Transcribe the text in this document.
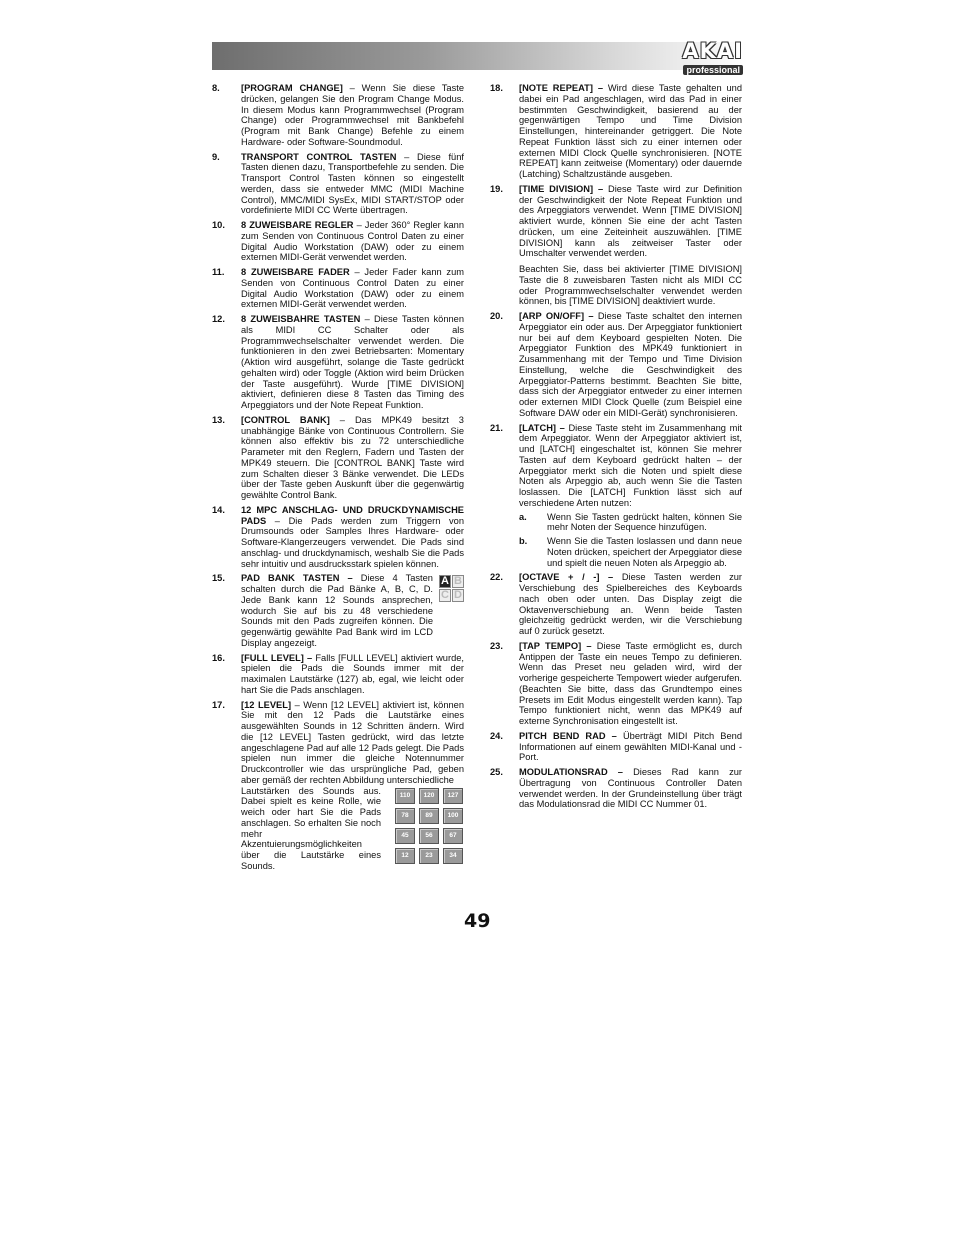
AKAI
professional
8.	[PROGRAM CHANGE] – Wenn Sie diese Taste drücken, gelangen Sie den Program Change Modus. In diesem Modus kann Programmwechsel (Program Change) oder Programmwechsel mit Bankbefehl (Program mit Bank Change) Befehle zu einem Hardware- oder Software-Soundmodul.
9.	TRANSPORT CONTROL TASTEN – Diese fünf Tasten dienen dazu, Transportbefehle zu senden. Die Transport Control Tasten können so eingestellt werden, dass sie entweder MMC (MIDI Machine Control), MMC/MIDI SysEx, MIDI START/STOP oder vordefinierte MIDI CC Werte übertragen.
10.	8 ZUWEISBARE REGLER – Jeder 360° Regler kann zum Senden von Continuous Control Daten zu einer Digital Audio Workstation (DAW) oder zu einem externen MIDI-Gerät verwendet werden.
11.	8 ZUWEISBARE FADER – Jeder Fader kann zum Senden von Continuous Control Daten zu einer Digital Audio Workstation (DAW) oder zu einem externen MIDI-Gerät verwendet werden.
12.	8 ZUWEISBAHRE TASTEN – Diese Tasten können als MIDI CC Schalter oder als Programmwechselschalter verwendet werden. Die funktionieren in den zwei Betriebsarten: Momentary (Aktion wird ausgeführt, solange die Taste gedrückt gehalten wird) oder Toggle (Aktion wird beim Drücken der Taste ausgeführt). Wurde [TIME DIVISION] aktiviert, definieren diese 8 Tasten das Timing des Arpeggiators und der Note Repeat Funktion.
13.	[CONTROL BANK] – Das MPK49 besitzt 3 unabhängige Bänke von Continuous Controllern. Sie können also effektiv bis zu 72 unterschiedliche Parameter mit den Reglern, Fadern und Tasten der MPK49 steuern. Die [CONTROL BANK] Taste wird zum Schalten dieser 3 Bänke verwendet. Die LEDs über der Taste geben Auskunft über die gegenwärtig gewählte Control Bank.
14.	12 MPC ANSCHLAG- UND DRUCKDYNAMISCHE PADS – Die Pads werden zum Triggern von Drumsounds oder Samples Ihres Hardware- oder Software-Klangerzeugers verwendet. Die Pads sind anschlag- und druckdynamisch, weshalb Sie die Pads sehr intuitiv und ausdrucksstark spielen können.
15.	PAD BANK TASTEN – Diese 4 Tasten schalten durch die Pad Bänke A, B, C, D. Jede Bank kann 12 Sounds ansprechen, wodurch Sie auf bis zu 48 verschiedene Sounds mit den Pads zugreifen können. Die gegenwärtig gewählte Pad Bank wird im LCD Display angezeigt.
A B
C D
16.	[FULL LEVEL] – Falls [FULL LEVEL] aktiviert wurde, spielen die Pads die Sounds immer mit der maximalen Lautstärke (127) ab, egal, wie leicht oder hart Sie die Pads anschlagen.
17.	[12 LEVEL] – Wenn [12 LEVEL] aktiviert ist, können Sie mit den 12 Pads die Lautstärke eines ausgewählten Sounds in 12 Schritten ändern. Wird die [12 LEVEL] Tasten gedrückt, wird das letzte angeschlagene Pad auf alle 12 Pads gelegt. Die Pads spielen nun immer die gleiche Notennummer Druckcontroller wie das ursprüngliche Pad, geben aber gemäß der rechten Abbildung unterschiedliche
Lautstärken des Sounds aus. Dabei spielt es keine Rolle, wie weich oder hart Sie die Pads anschlagen. So erhalten Sie noch mehr Akzentuierungsmöglichkeiten über die Lautstärke eines Sounds.
110	120	127
78	89	100
45	56	67
12	23	34
18.	[NOTE REPEAT] – Wird diese Taste gehalten und dabei ein Pad angeschlagen, wird das Pad in einer bestimmten Geschwindigkeit, basierend au der gegenwärtigen Tempo und Time Division Einstellungen, hintereinander getriggert. Die Note Repeat Funktion lässt sich zu einer internen oder externen MIDI Clock Quelle synchronisieren. [NOTE REPEAT] kann zeitweise (Momentary) oder dauernde (Latching) Schaltzustände ausgeben.
19.	[TIME DIVISION] – Diese Taste wird zur Definition der Geschwindigkeit der Note Repeat Funktion und des Arpeggiators verwendet. Wenn [TIME DIVISION] aktiviert wurde, können Sie eine der acht Tasten drücken, um eine Zeiteinheit auszuwählen. [TIME DIVISION] kann als zeitweiser Taster oder Umschalter verwendet werden.
Beachten Sie, dass bei aktivierter [TIME DIVISION] Taste die 8 zuweisbaren Tasten nicht als MIDI CC oder Programmwechselschalter verwendet werden können, bis [TIME DIVISION] deaktiviert wurde.
20.	[ARP ON/OFF] – Diese Taste schaltet den internen Arpeggiator ein oder aus. Der Arpeggiator funktioniert nur bei auf dem Keyboard gespielten Noten. Die Arpeggiator Funktion des MPK49 funktioniert in Zusammenhang mit der Tempo und Time Division Einstellung, welche die Geschwindigkeit des Arpeggiator-Patterns bestimmt. Beachten Sie bitte, dass sich der Arpeggiator entweder zu einer internen oder externen MIDI Clock Quelle (zum Beispiel eine Software DAW oder ein MIDI-Gerät) synchronisieren.
21.	[LATCH] – Diese Taste steht im Zusammenhang mit dem Arpeggiator. Wenn der Arpeggiator aktiviert ist, und [LATCH] eingeschaltet ist, können Sie mehrer Tasten auf dem Keyboard gedrückt halten – der Arpeggiator merkt sich die Noten und spielt diese Noten als Arpeggio ab, auch wenn Sie die Tasten loslassen. Die [LATCH] Funktion lässt sich auf verschiedene Arten nutzen:
a.	Wenn Sie Tasten gedrückt halten, können Sie mehr Noten der Sequence hinzufügen.
b.	Wenn Sie die Tasten loslassen und dann neue Noten drücken, speichert der Arpeggiator diese und spielt die neuen Noten als Arpeggio ab.
22.	[OCTAVE + / -] – Diese Tasten werden zur Verschiebung des Spielbereiches des Keyboards nach oben oder unten. Das Display zeigt die Oktavenverschiebung an. Wenn beide Tasten gleichzeitig gedrückt werden, wir die Verschiebung auf 0 zurück gesetzt.
23.	[TAP TEMPO] – Diese Taste ermöglicht es, durch Antippen der Taste ein neues Tempo zu definieren. Wenn das Preset neu geladen wird, wird der vorherige gespeicherte Tempowert wieder aufgerufen. (Beachten Sie bitte, dass das Grundtempo eines Presets im Edit Modus eingestellt werden kann). Tap Tempo funktioniert nicht, wenn das MPK49 auf externe Synchronisation eingestellt ist.
24.	PITCH BEND RAD – Überträgt MIDI Pitch Bend Informationen auf einem gewählten MIDI-Kanal und - Port.
25.	MODULATIONSRAD – Dieses Rad kann zur Übertragung von Continuous Controller Daten verwendet werden. In der Grundeinstellung über trägt das Modulationsrad die MIDI CC Nummer 01.
49
